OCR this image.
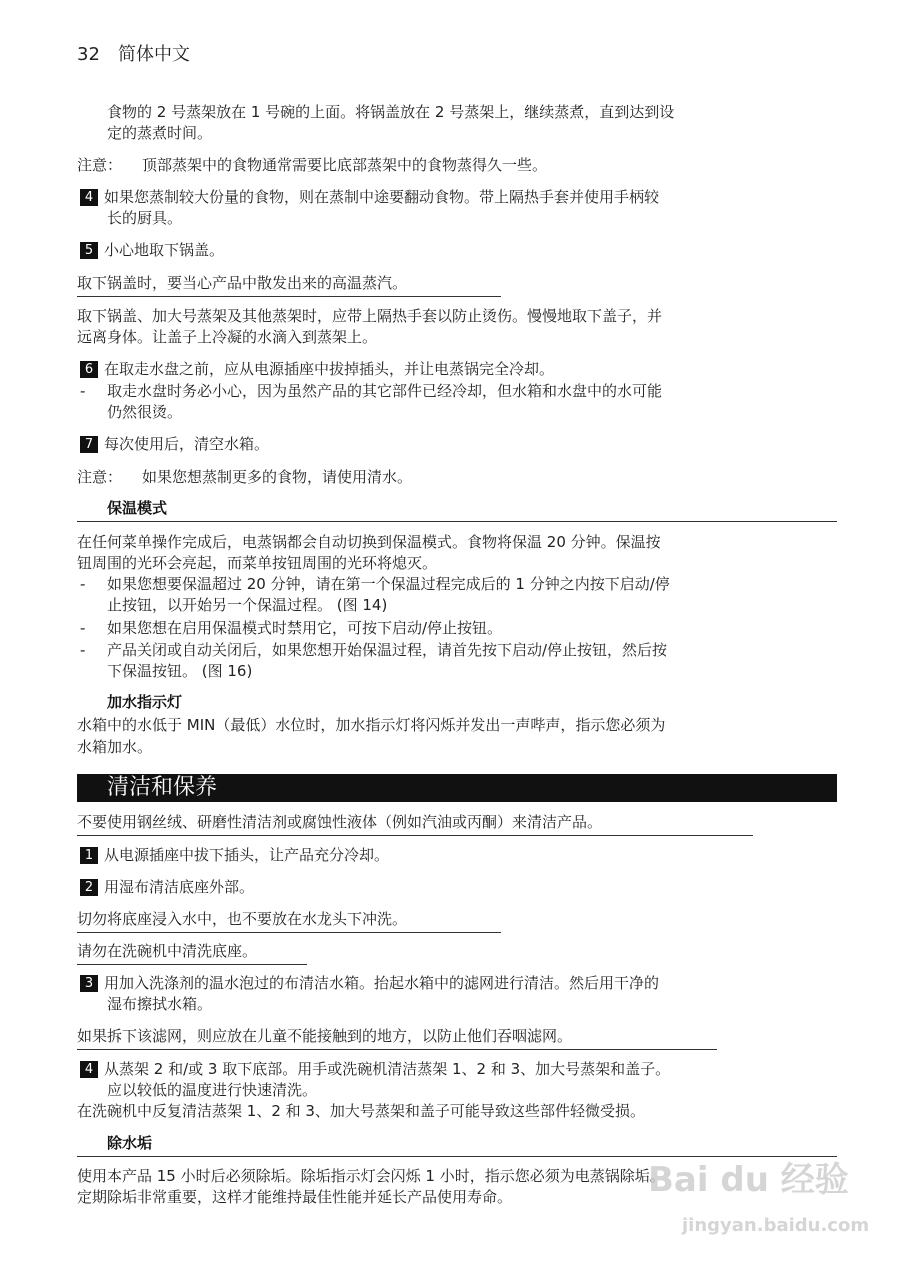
32 简体中文
食物的 2 号蒸架放在 1 号碗的上面。将锅盖放在 2 号蒸架上，继续蒸煮，直到达到设
定的蒸煮时间。
注意： 顶部蒸架中的食物通常需要比底部蒸架中的食物蒸得久一些。
4 如果您蒸制较大份量的食物，则在蒸制中途要翻动食物。带上隔热手套并使用手柄较
长的厨具。
5 小心地取下锅盖。
取下锅盖时，要当心产品中散发出来的高温蒸汽。
取下锅盖、加大号蒸架及其他蒸架时，应带上隔热手套以防止烫伤。慢慢地取下盖子，并
远离身体。让盖子上冷凝的水滴入到蒸架上。
6 在取走水盘之前，应从电源插座中拔掉插头，并让电蒸锅完全冷却。
- 取走水盘时务必小心，因为虽然产品的其它部件已经冷却，但水箱和水盘中的水可能
仍然很烫。
7 每次使用后，清空水箱。
注意： 如果您想蒸制更多的食物，请使用清水。
保温模式
在任何菜单操作完成后，电蒸锅都会自动切换到保温模式。食物将保温 20 分钟。保温按
钮周围的光环会亮起，而菜单按钮周围的光环将熄灭。
- 如果您想要保温超过 20 分钟，请在第一个保温过程完成后的 1 分钟之内按下启动/停
止按钮，以开始另一个保温过程。 (图 14)
- 如果您想在启用保温模式时禁用它，可按下启动/停止按钮。
- 产品关闭或自动关闭后，如果您想开始保温过程，请首先按下启动/停止按钮，然后按
下保温按钮。 (图 16)
加水指示灯
水箱中的水低于 MIN（最低）水位时，加水指示灯将闪烁并发出一声哔声，指示您必须为
水箱加水。
清洁和保养
不要使用钢丝绒、研磨性清洁剂或腐蚀性液体（例如汽油或丙酮）来清洁产品。
1 从电源插座中拔下插头，让产品充分冷却。
2 用湿布清洁底座外部。
切勿将底座浸入水中，也不要放在水龙头下冲洗。
请勿在洗碗机中清洗底座。
3 用加入洗涤剂的温水泡过的布清洁水箱。抬起水箱中的滤网进行清洁。然后用干净的
湿布擦拭水箱。
如果拆下该滤网，则应放在儿童不能接触到的地方，以防止他们吞咽滤网。
4 从蒸架 2 和/或 3 取下底部。用手或洗碗机清洁蒸架 1、2 和 3、加大号蒸架和盖子。
应以较低的温度进行快速清洗。
在洗碗机中反复清洁蒸架 1、2 和 3、加大号蒸架和盖子可能导致这些部件轻微受损。
除水垢
使用本产品 15 小时后必须除垢。除垢指示灯会闪烁 1 小时，指示您必须为电蒸锅除垢。
定期除垢非常重要，这样才能维持最佳性能并延长产品使用寿命。	Bai du 经验
jingyan.baidu.com
